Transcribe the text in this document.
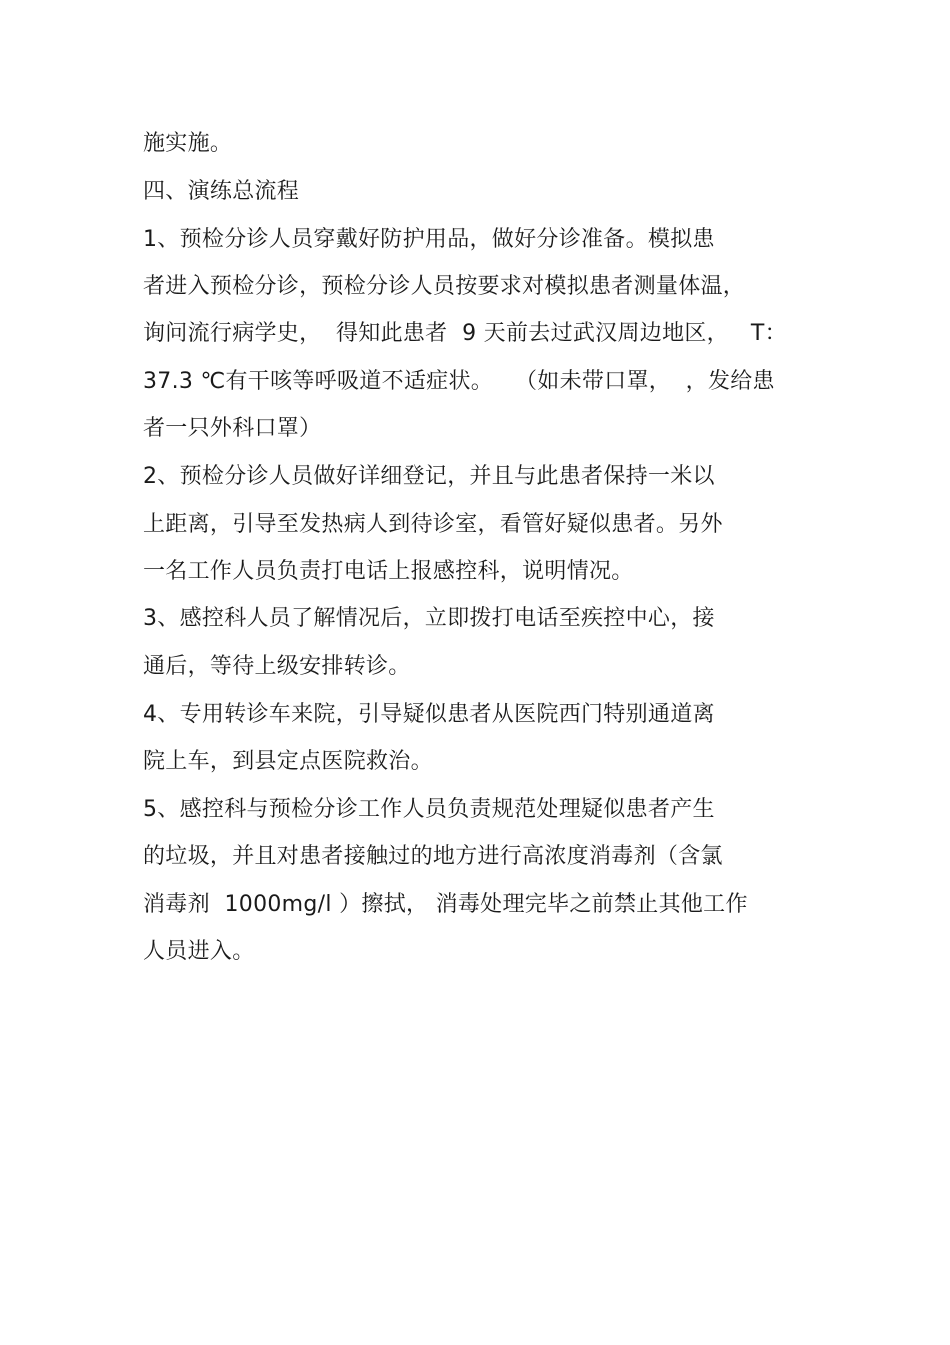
施实施。
四、演练总流程
1、预检分诊人员穿戴好防护用品，做好分诊准备。模拟患
者进入预检分诊，预检分诊人员按要求对模拟患者测量体温，
询问流行病学史，  得知此患者  9 天前去过武汉周边地区，   T：
37.3 ℃有干咳等呼吸道不适症状。   （如未带口罩，  ，发给患
者一只外科口罩）
2、预检分诊人员做好详细登记，并且与此患者保持一米以
上距离，引导至发热病人到待诊室，看管好疑似患者。另外
一名工作人员负责打电话上报感控科，说明情况。
3、感控科人员了解情况后，立即拨打电话至疾控中心，接
通后，等待上级安排转诊。
4、专用转诊车来院，引导疑似患者从医院西门特别通道离
院上车，到县定点医院救治。
5、感控科与预检分诊工作人员负责规范处理疑似患者产生
的垃圾，并且对患者接触过的地方进行高浓度消毒剂（含氯
消毒剂  1000mg/l ）擦拭， 消毒处理完毕之前禁止其他工作
人员进入。
